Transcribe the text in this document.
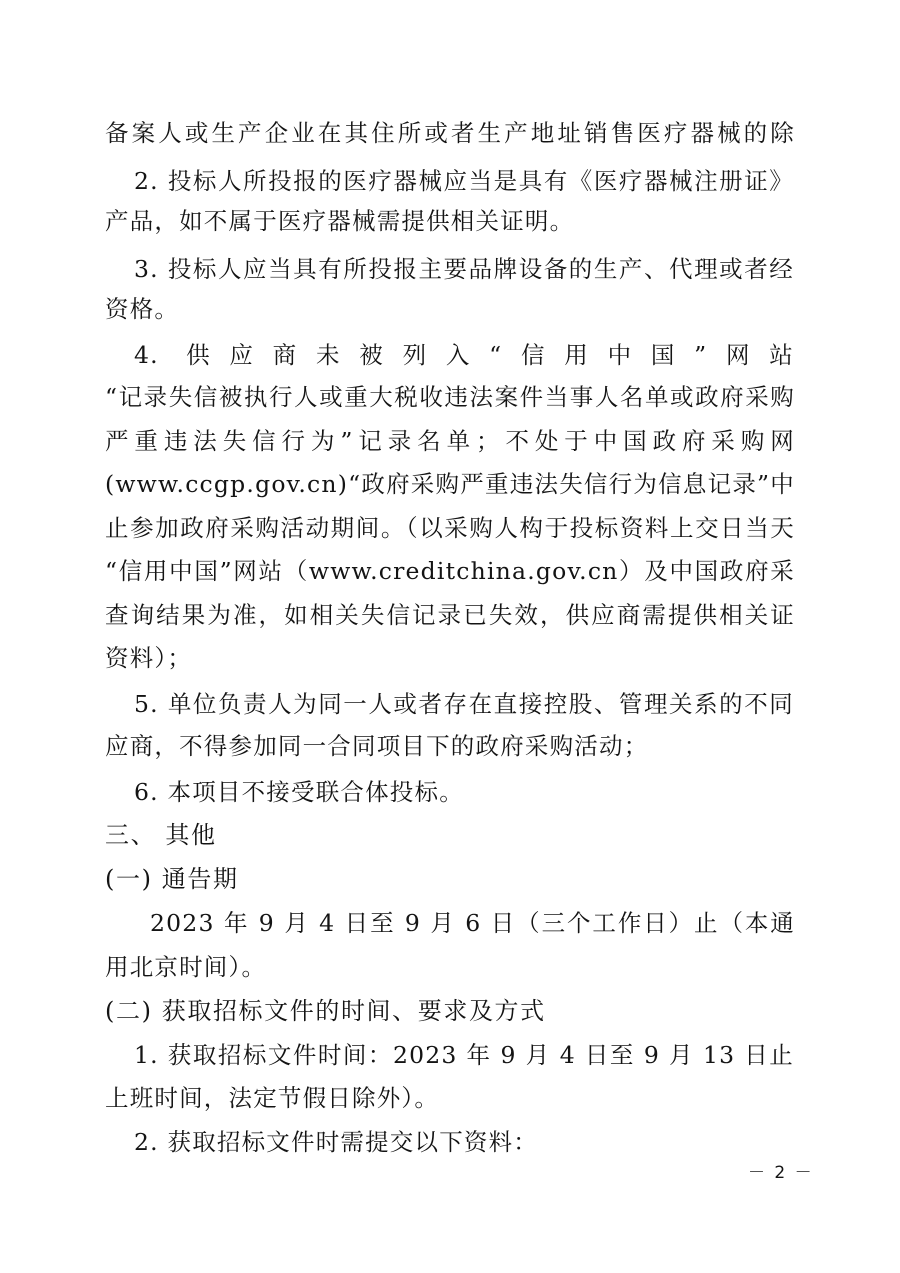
备案人或生产企业在其住所或者生产地址销售医疗器械的除
2. 投标人所投报的医疗器械应当是具有《医疗器械注册证》
产品，如不属于医疗器械需提供相关证明。
3. 投标人应当具有所投报主要品牌设备的生产、代理或者经
资格。
4. 供应商未被列入“信用中国”网站
“记录失信被执行人或重大税收违法案件当事人名单或政府采购
严重违法失信行为”记录名单；不处于中国政府采购网
(www.ccgp.gov.cn)“政府采购严重违法失信行为信息记录”中
止参加政府采购活动期间。（以采购人构于投标资料上交日当天
“信用中国”网站（www.creditchina.gov.cn）及中国政府采
查询结果为准，如相关失信记录已失效，供应商需提供相关证
资料）；
5. 单位负责人为同一人或者存在直接控股、管理关系的不同
应商，不得参加同一合同项目下的政府采购活动；
6. 本项目不接受联合体投标。
三、 其他
(一) 通告期
2023 年 9 月 4 日至 9 月 6 日（三个工作日）止（本通
用北京时间）。
(二) 获取招标文件的时间、要求及方式
1. 获取招标文件时间：2023 年 9 月 4 日至 9 月 13 日止
上班时间，法定节假日除外）。
2. 获取招标文件时需提交以下资料：
－ 2 －
